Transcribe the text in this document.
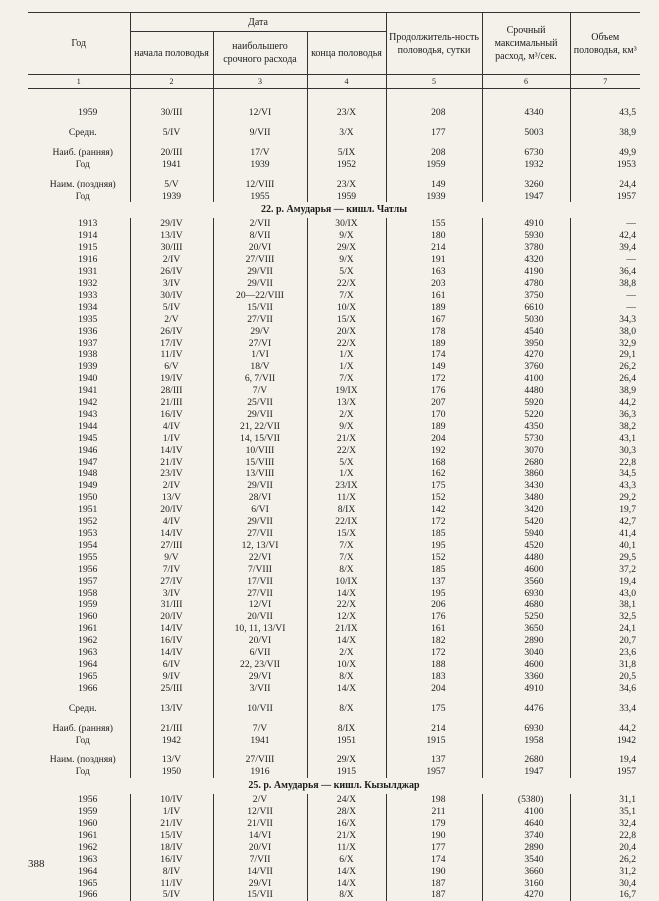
Год	Дата			Продолжитель-ность половодья, сутки	Срочный максимальный расход, м³/сек.	Объем половодья, км³
	начала половодья	наибольшего срочного расхода	конца половодья			
1	2	3	4	5	6	7

1959	30/III	12/VI	23/X	208	4340	43,5

Средн.	5/IV	9/VII	3/X	177	5003	38,9

Наиб. (ранняя)	20/III	17/V	5/IX	208	6730	49,9
Год	1941	1939	1952	1959	1932	1953

Наим. (поздняя)	5/V	12/VIII	23/X	149	3260	24,4
Год	1939	1955	1959	1939	1947	1957
22. р. Амударья — кишл. Чатлы						
1913	29/IV	2/VII	30/IX	155	4910	—
1914	13/IV	8/VII	9/X	180	5930	42,4
1915	30/III	20/VI	29/X	214	3780	39,4
1916	2/IV	27/VIII	9/X	191	4320	—
1931	26/IV	29/VII	5/X	163	4190	36,4
1932	3/IV	29/VII	22/X	203	4780	38,8
1933	30/IV	20—22/VIII	7/X	161	3750	—
1934	5/IV	15/VII	10/X	189	6610	—
1935	2/V	27/VII	15/X	167	5030	34,3
1936	26/IV	29/V	20/X	178	4540	38,0
1937	17/IV	27/VI	22/X	189	3950	32,9
1938	11/IV	1/VI	1/X	174	4270	29,1
1939	6/V	18/V	1/X	149	3760	26,2
1940	19/IV	6, 7/VII	7/X	172	4100	26,4
1941	28/III	7/V	19/IX	176	4480	38,9
1942	21/III	25/VII	13/X	207	5920	44,2
1943	16/IV	29/VII	2/X	170	5220	36,3
1944	4/IV	21, 22/VII	9/X	189	4350	38,2
1945	1/IV	14, 15/VII	21/X	204	5730	43,1
1946	14/IV	10/VIII	22/X	192	3070	30,3
1947	21/IV	15/VIII	5/X	168	2680	22,8
1948	23/IV	13/VIII	1/X	162	3860	34,5
1949	2/IV	29/VII	23/IX	175	3430	43,3
1950	13/V	28/VI	11/X	152	3480	29,2
1951	20/IV	6/VI	8/IX	142	3420	19,7
1952	4/IV	29/VII	22/IX	172	5420	42,7
1953	14/IV	27/VII	15/X	185	5940	41,4
1954	27/III	12, 13/VI	7/X	195	4520	40,1
1955	9/V	22/VI	7/X	152	4480	29,5
1956	7/IV	7/VIII	8/X	185	4600	37,2
1957	27/IV	17/VII	10/IX	137	3560	19,4
1958	3/IV	27/VII	14/X	195	6930	43,0
1959	31/III	12/VI	22/X	206	4680	38,1
1960	20/IV	20/VII	12/X	176	5250	32,5
1961	14/IV	10, 11, 13/VI	21/IX	161	3650	24,1
1962	16/IV	20/VI	14/X	182	2890	20,7
1963	14/IV	6/VII	2/X	172	3040	23,6
1964	6/IV	22, 23/VII	10/X	188	4600	31,8
1965	9/IV	29/VI	8/X	183	3360	20,5
1966	25/III	3/VII	14/X	204	4910	34,6

Средн.	13/IV	10/VII	8/X	175	4476	33,4

Наиб. (ранняя)	21/III	7/V	8/IX	214	6930	44,2
Год	1942	1941	1951	1915	1958	1942

Наим. (поздняя)	13/V	27/VIII	29/X	137	2680	19,4
Год	1950	1916	1915	1957	1947	1957
25. р. Амударья — кишл. Кызылджар						
1956	10/IV	2/V	24/X	198	(5380)	31,1
1959	1/IV	12/VII	28/X	211	4100	35,1
1960	21/IV	21/VII	16/X	179	4640	32,4
1961	15/IV	14/VI	21/X	190	3740	22,8
1962	18/IV	20/VI	11/X	177	2890	20,4
1963	16/IV	7/VII	6/X	174	3540	26,2
1964	8/IV	14/VII	14/X	190	3660	31,2
1965	11/IV	29/VI	14/X	187	3160	30,4
1966	5/IV	15/VII	8/X	187	4270	16,7
388
